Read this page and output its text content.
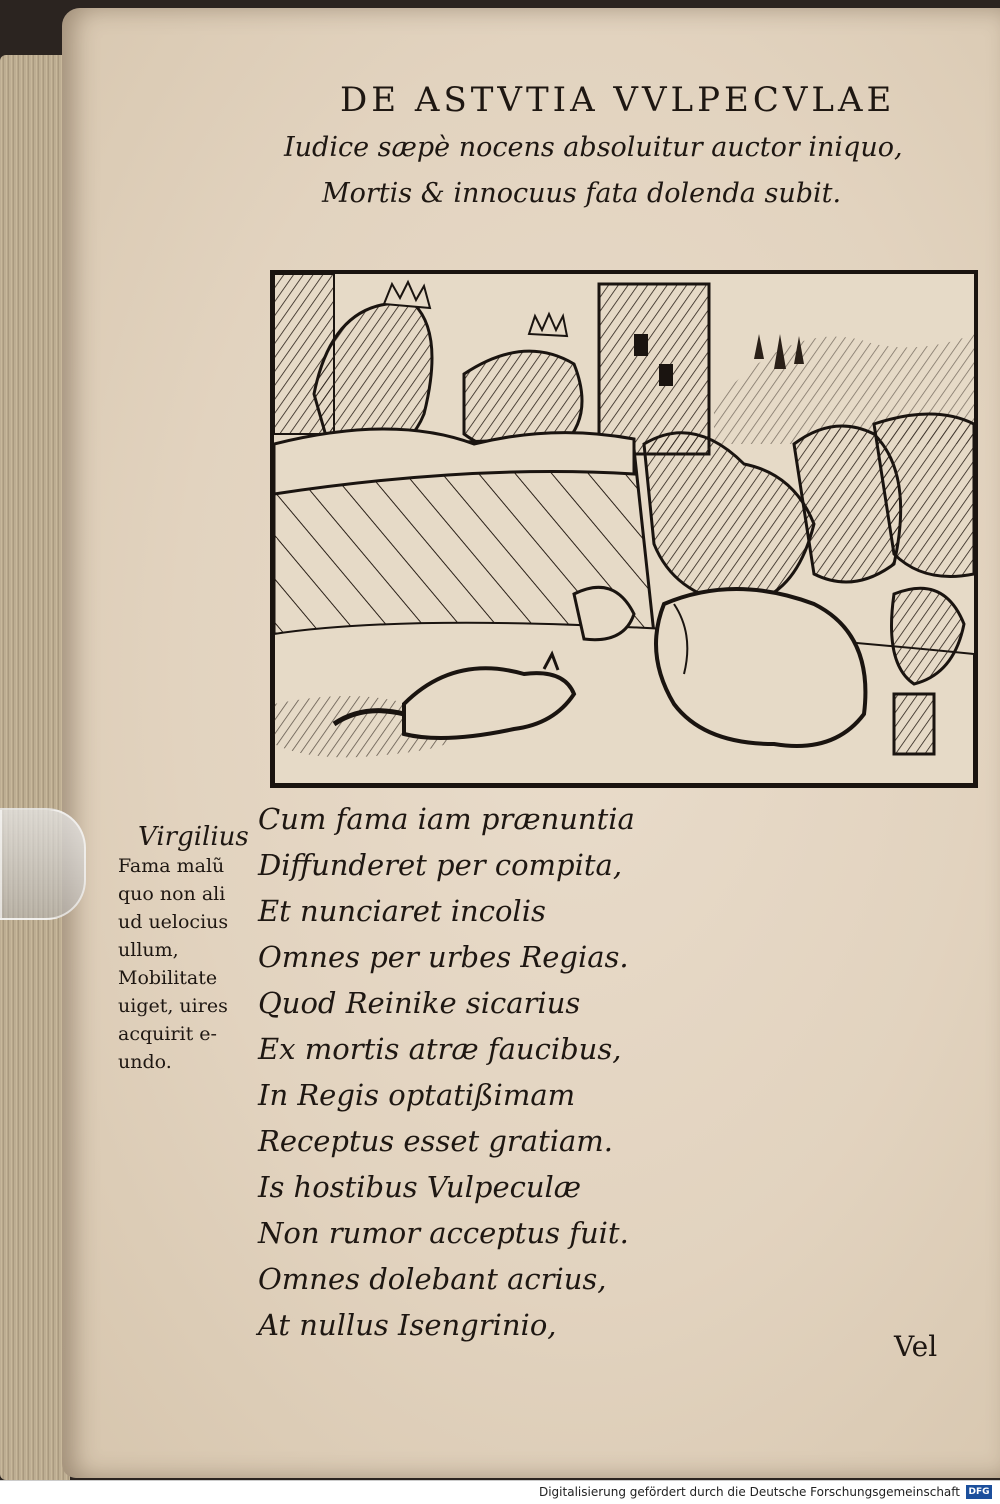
DE ASTVTIA VVLPECVLAE
Iudice sæpè nocens absoluitur auctor iniquo,
Mortis & innocuus fata dolenda subit.
Virgilius
Fama malũ
quo non ali
ud uelocius
ullum,
Mobilitate
uiget, uires
acquirit e-
undo.
Cum fama iam prænuntia
Diffunderet per compita,
Et nunciaret incolis
Omnes per urbes Regias.
Quod Reinike sicarius
Ex mortis atræ faucibus,
In Regis optatißimam
Receptus esset gratiam.
Is hostibus Vulpeculæ
Non rumor acceptus fuit.
Omnes dolebant acrius,
At nullus Isengrinio,
Vel
Digitalisierung gefördert durch die Deutsche Forschungsgemeinschaft DFG
